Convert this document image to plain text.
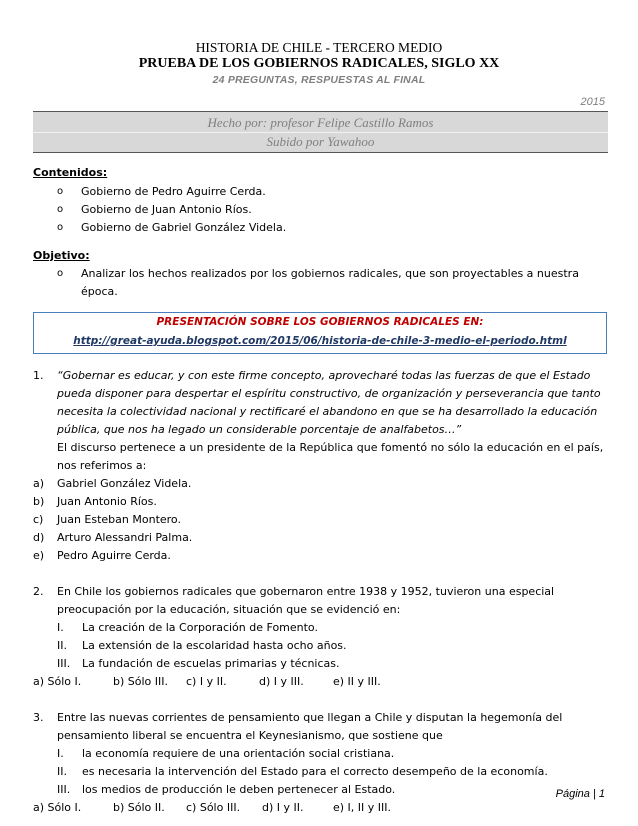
HISTORIA DE CHILE - TERCERO MEDIO
PRUEBA DE LOS GOBIERNOS RADICALES, SIGLO XX
24 PREGUNTAS, RESPUESTAS AL FINAL
2015
Hecho por: profesor Felipe Castillo Ramos
Subido por Yawahoo
Contenidos:
o Gobierno de Pedro Aguirre Cerda.
o Gobierno de Juan Antonio Ríos.
o Gobierno de Gabriel González Videla.
Objetivo:
o Analizar los hechos realizados por los gobiernos radicales, que son proyectables a nuestra
época.
PRESENTACIÓN SOBRE LOS GOBIERNOS RADICALES EN:
http://great-ayuda.blogspot.com/2015/06/historia-de-chile-3-medio-el-periodo.html
1. “Gobernar es educar, y con este firme concepto, aprovecharé todas las fuerzas de que el Estado
pueda disponer para despertar el espíritu constructivo, de organización y perseverancia que tanto
necesita la colectividad nacional y rectificaré el abandono en que se ha desarrollado la educación
pública, que nos ha legado un considerable porcentaje de analfabetos…”
El discurso pertenece a un presidente de la República que fomentó no sólo la educación en el país,
nos referimos a:
a) Gabriel González Videla.
b) Juan Antonio Ríos.
c) Juan Esteban Montero.
d) Arturo Alessandri Palma.
e) Pedro Aguirre Cerda.
2. En Chile los gobiernos radicales que gobernaron entre 1938 y 1952, tuvieron una especial
preocupación por la educación, situación que se evidenció en:
I. La creación de la Corporación de Fomento.
II. La extensión de la escolaridad hasta ocho años.
III. La fundación de escuelas primarias y técnicas.
a) Sólo I.	b) Sólo III. c) I y II.	d) I y III.	e) II y III.
3. Entre las nuevas corrientes de pensamiento que llegan a Chile y disputan la hegemonía del
pensamiento liberal se encuentra el Keynesianismo, que sostiene que
I. la economía requiere de una orientación social cristiana.
II. es necesaria la intervención del Estado para el correcto desempeño de la economía.
III. los medios de producción le deben pertenecer al Estado.
a) Sólo I.	b) Sólo II. c) Sólo III. d) I y II.	e) I, II y III.
Página | 1
